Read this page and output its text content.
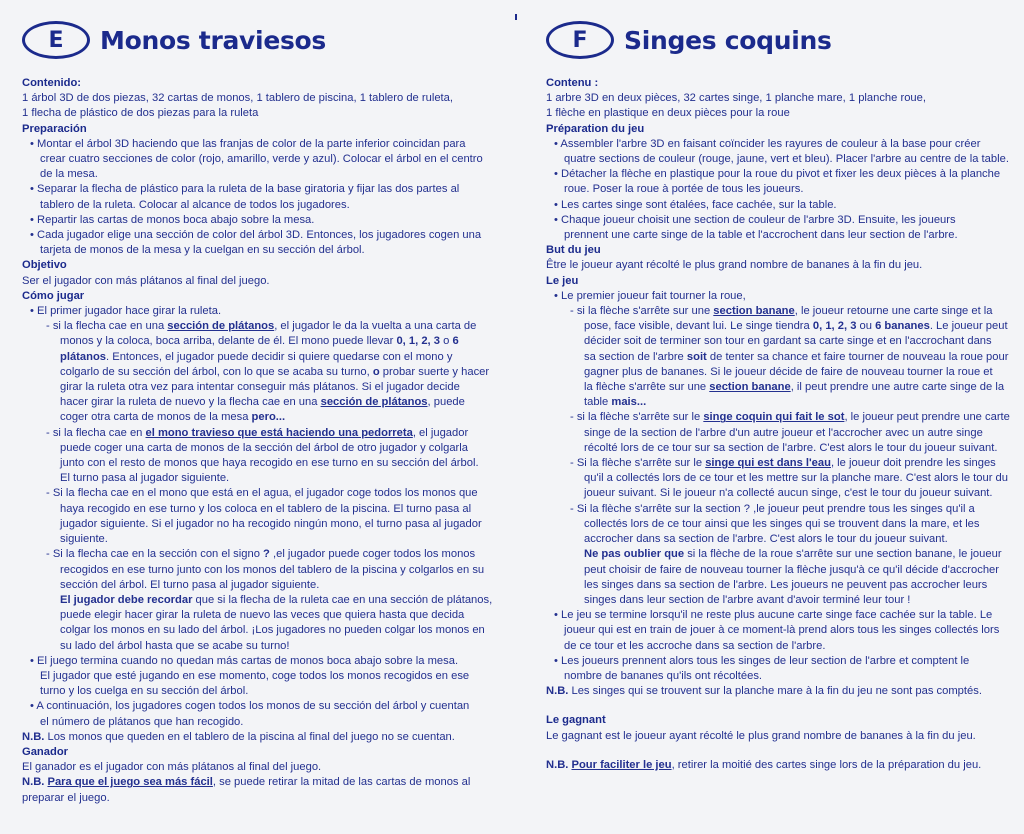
E	Monos traviesos

Contenido:

1 árbol 3D de dos piezas, 32 cartas de monos, 1 tablero de piscina, 1 tablero de ruleta,

1 flecha de plástico de dos piezas para la ruleta

Preparación

• Montar el árbol 3D haciendo que las franjas de color de la parte inferior coincidan para

crear cuatro secciones de color (rojo, amarillo, verde y azul). Colocar el árbol en el centro

de la mesa.

• Separar la flecha de plástico para la ruleta de la base giratoria y fijar las dos partes al

tablero de la ruleta. Colocar al alcance de todos los jugadores.

• Repartir las cartas de monos boca abajo sobre la mesa.

• Cada jugador elige una sección de color del árbol 3D. Entonces, los jugadores cogen una

tarjeta de monos de la mesa y la cuelgan en su sección del árbol.

Objetivo

Ser el jugador con más plátanos al final del juego.

Cómo jugar

• El primer jugador hace girar la ruleta.

- si la flecha cae en una sección de plátanos, el jugador le da la vuelta a una carta de

monos y la coloca, boca arriba, delante de él. El mono puede llevar 0, 1, 2, 3 o 6

plátanos. Entonces, el jugador puede decidir si quiere quedarse con el mono y

colgarlo de su sección del árbol, con lo que se acaba su turno, o probar suerte y hacer

girar la ruleta otra vez para intentar conseguir más plátanos. Si el jugador decide

hacer girar la ruleta de nuevo y la flecha cae en una sección de plátanos, puede

coger otra carta de monos de la mesa pero...

- si la flecha cae en el mono travieso que está haciendo una pedorreta, el jugador

puede coger una carta de monos de la sección del árbol de otro jugador y colgarla

junto con el resto de monos que haya recogido en ese turno en su sección del árbol.

El turno pasa al jugador siguiente.

- Si la flecha cae en el mono que está en el agua, el jugador coge todos los monos que

haya recogido en ese turno y los coloca en el tablero de la piscina. El turno pasa al

jugador siguiente. Si el jugador no ha recogido ningún mono, el turno pasa al jugador

siguiente.

- Si la flecha cae en la sección con el signo ? ,el jugador puede coger todos los monos

recogidos en ese turno junto con los monos del tablero de la piscina y colgarlos en su

sección del árbol. El turno pasa al jugador siguiente.

El jugador debe recordar que si la flecha de la ruleta cae en una sección de plátanos,

puede elegir hacer girar la ruleta de nuevo las veces que quiera hasta que decida

colgar los monos en su lado del árbol. ¡Los jugadores no pueden colgar los monos en

su lado del árbol hasta que se acabe su turno!

• El juego termina cuando no quedan más cartas de monos boca abajo sobre la mesa.

El jugador que esté jugando en ese momento, coge todos los monos recogidos en ese

turno y los cuelga en su sección del árbol.

• A continuación, los jugadores cogen todos los monos de su sección del árbol y cuentan

el número de plátanos que han recogido.

N.B. Los monos que queden en el tablero de la piscina al final del juego no se cuentan.

Ganador

El ganador es el jugador con más plátanos al final del juego.

N.B. Para que el juego sea más fácil, se puede retirar la mitad de las cartas de monos al

preparar el juego.

F	Singes coquins

Contenu :

1 arbre 3D en deux pièces, 32 cartes singe, 1 planche mare, 1 planche roue,

1 flèche en plastique en deux pièces pour la roue

Préparation du jeu

• Assembler l'arbre 3D en faisant coïncider les rayures de couleur à la base pour créer

quatre sections de couleur (rouge, jaune, vert et bleu). Placer l'arbre au centre de la table.

• Détacher la flèche en plastique pour la roue du pivot et fixer les deux pièces à la planche

roue. Poser la roue à portée de tous les joueurs.

• Les cartes singe sont étalées, face cachée, sur la table.

• Chaque joueur choisit une section de couleur de l'arbre 3D. Ensuite, les joueurs

prennent une carte singe de la table et l'accrochent dans leur section de l'arbre.

But du jeu

Être le joueur ayant récolté le plus grand nombre de bananes à la fin du jeu.

Le jeu

• Le premier joueur fait tourner la roue,

- si la flèche s'arrête sur une section banane, le joueur retourne une carte singe et la

pose, face visible, devant lui. Le singe tiendra 0, 1, 2, 3 ou 6 bananes. Le joueur peut

décider soit de terminer son tour en gardant sa carte singe et en l'accrochant dans

sa section de l'arbre soit de tenter sa chance et faire tourner de nouveau la roue pour

gagner plus de bananes. Si le joueur décide de faire de nouveau tourner la roue et

la flèche s'arrête sur une section banane, il peut prendre une autre carte singe de la

table mais...

- si la flèche s'arrête sur le singe coquin qui fait le sot, le joueur peut prendre une carte

singe de la section de l'arbre d'un autre joueur et l'accrocher avec un autre singe

récolté lors de ce tour sur sa section de l'arbre. C'est alors le tour du joueur suivant.

- Si la flèche s'arrête sur le singe qui est dans l'eau, le joueur doit prendre les singes

qu'il a collectés lors de ce tour et les mettre sur la planche mare. C'est alors le tour du

joueur suivant. Si le joueur n'a collecté aucun singe, c'est le tour du joueur suivant.

- Si la flèche s'arrête sur la section ? ,le joueur peut prendre tous les singes qu'il a

collectés lors de ce tour ainsi que les singes qui se trouvent dans la mare, et les

accrocher dans sa section de l'arbre. C'est alors le tour du joueur suivant.

Ne pas oublier que si la flèche de la roue s'arrête sur une section banane, le joueur

peut choisir de faire de nouveau tourner la flèche jusqu'à ce qu'il décide d'accrocher

les singes dans sa section de l'arbre. Les joueurs ne peuvent pas accrocher leurs

singes dans leur section de l'arbre avant d'avoir terminé leur tour !

• Le jeu se termine lorsqu'il ne reste plus aucune carte singe face cachée sur la table. Le

joueur qui est en train de jouer à ce moment-là prend alors tous les singes collectés lors

de ce tour et les accroche dans sa section de l'arbre.

• Les joueurs prennent alors tous les singes de leur section de l'arbre et comptent le

nombre de bananes qu'ils ont récoltées.

N.B. Les singes qui se trouvent sur la planche mare à la fin du jeu ne sont pas comptés.

Le gagnant

Le gagnant est le joueur ayant récolté le plus grand nombre de bananes à la fin du jeu.

N.B. Pour faciliter le jeu, retirer la moitié des cartes singe lors de la préparation du jeu.
